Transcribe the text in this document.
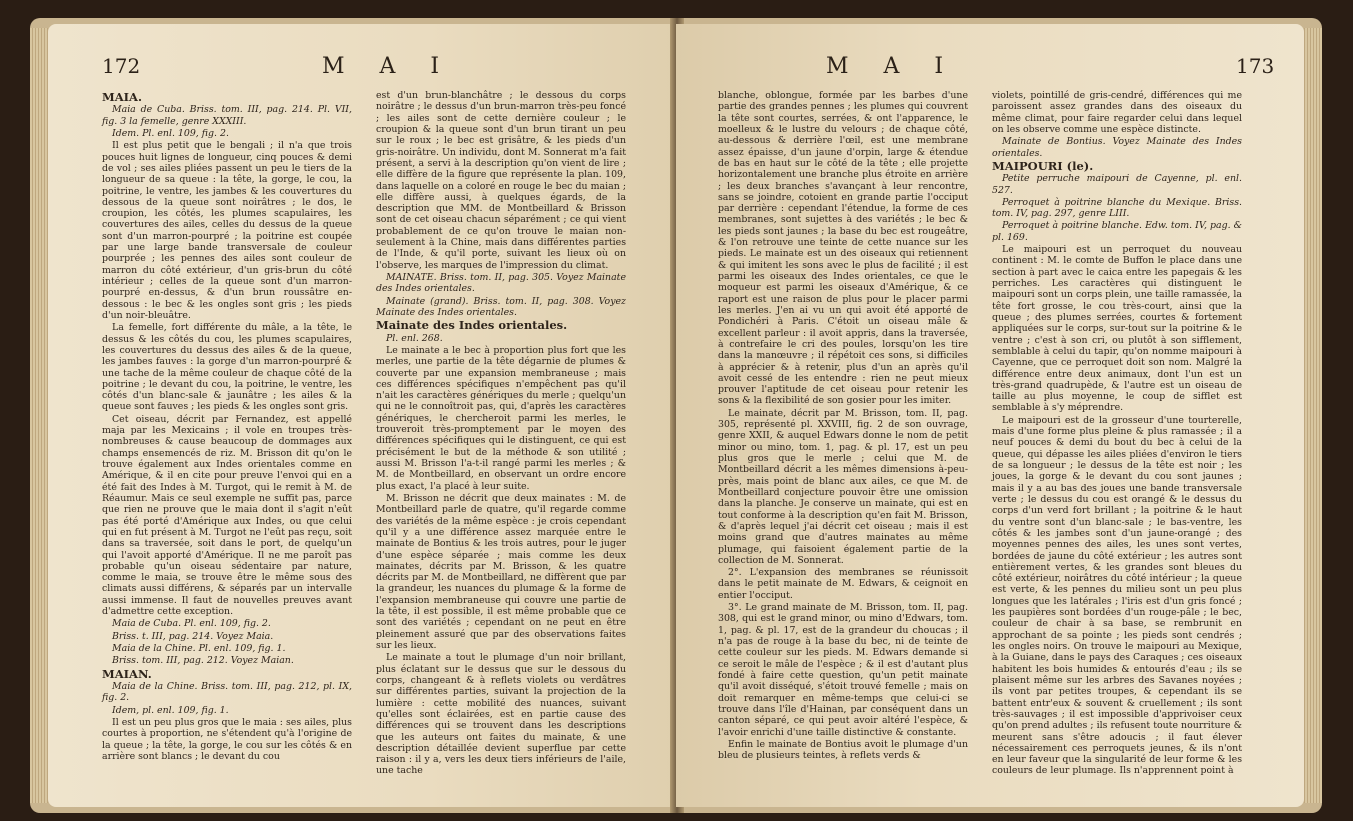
172	M A I

MAIA.

Maia de Cuba. Briss. tom. III, pag. 214. Pl. VII, fig. 3 la femelle, genre XXXIII.

Idem. Pl. enl. 109, fig. 2.

Il est plus petit que le bengali ; il n'a que trois pouces huit lignes de longueur, cinq pouces & demi de vol ; ses ailes pliées passent un peu le tiers de la longueur de sa queue : la tête, la gorge, le cou, la poitrine, le ventre, les jambes & les couvertures du dessous de la queue sont noirâtres ; le dos, le croupion, les côtés, les plumes scapulaires, les couvertures des ailes, celles du dessus de la queue sont d'un marron-pourpré ; la poitrine est coupée par une large bande transversale de couleur pourprée ; les pennes des ailes sont couleur de marron du côté extérieur, d'un gris-brun du côté intérieur ; celles de la queue sont d'un marron-pourpré en-dessus, & d'un brun roussâtre en-dessous : le bec & les ongles sont gris ; les pieds d'un noir-bleuâtre.

La femelle, fort différente du mâle, a la tête, le dessus & les côtés du cou, les plumes scapulaires, les couvertures du dessus des ailes & de la queue, les jambes fauves : la gorge d'un marron-pourpré & une tache de la même couleur de chaque côté de la poitrine ; le devant du cou, la poitrine, le ventre, les côtés d'un blanc-sale & jaunâtre ; les ailes & la queue sont fauves ; les pieds & les ongles sont gris.

Cet oiseau, décrit par Fernandez, est appellé maja par les Mexicains ; il vole en troupes très-nombreuses & cause beaucoup de dommages aux champs ensemencés de riz. M. Brisson dit qu'on le trouve également aux Indes orientales comme en Amérique, & il en cite pour preuve l'envoi qui en a été fait des Indes à M. Turgot, qui le remit à M. de Réaumur. Mais ce seul exemple ne suffit pas, parce que rien ne prouve que le maia dont il s'agit n'eût pas été porté d'Amérique aux Indes, ou que celui qui en fut présent à M. Turgot ne l'eût pas reçu, soit dans sa traversée, soit dans le port, de quelqu'un qui l'avoit apporté d'Amérique. Il ne me paroît pas probable qu'un oiseau sédentaire par nature, comme le maia, se trouve être le même sous des climats aussi différens, & séparés par un intervalle aussi immense. Il faut de nouvelles preuves avant d'admettre cette exception.

Maia de Cuba. Pl. enl. 109, fig. 2.

Briss. t. III, pag. 214. Voyez Maia.

Maia de la Chine. Pl. enl. 109, fig. 1.

Briss. tom. III, pag. 212. Voyez Maian.

MAIAN.

Maia de la Chine. Briss. tom. III, pag. 212, pl. IX, fig. 2.

Idem, pl. enl. 109, fig. 1.

Il est un peu plus gros que le maia : ses ailes, plus courtes à proportion, ne s'étendent qu'à l'origine de la queue ; la tête, la gorge, le cou sur les côtés & en arrière sont blancs ; le devant du cou

est d'un brun-blanchâtre ; le dessous du corps noirâtre ; le dessus d'un brun-marron très-peu foncé ; les ailes sont de cette dernière couleur ; le croupion & la queue sont d'un brun tirant un peu sur le roux ; le bec est grisâtre, & les pieds d'un gris-noirâtre. Un individu, dont M. Sonnerat m'a fait présent, a servi à la description qu'on vient de lire ; elle diffère de la figure que représente la plan. 109, dans laquelle on a coloré en rouge le bec du maian ; elle diffère aussi, à quelques égards, de la description que MM. de Montbeillard & Brisson sont de cet oiseau chacun séparément ; ce qui vient probablement de ce qu'on trouve le maian non-seulement à la Chine, mais dans différentes parties de l'Inde, & qu'il porte, suivant les lieux où on l'observe, les marques de l'impression du climat.

MAINATE. Briss. tom. II, pag. 305. Voyez Mainate des Indes orientales.

Mainate (grand). Briss. tom. II, pag. 308. Voyez Mainate des Indes orientales.

Mainate des Indes orientales.

Pl. enl. 268.

Le mainate a le bec à proportion plus fort que les merles, une partie de la tête dégarnie de plumes & couverte par une expansion membraneuse ; mais ces différences spécifiques n'empêchent pas qu'il n'ait les caractères génériques du merle ; quelqu'un qui ne le connoîtroit pas, qui, d'après les caractères génériques, le chercheroit parmi les merles, le trouveroit très-promptement par le moyen des différences spécifiques qui le distinguent, ce qui est précisément le but de la méthode & son utilité ; aussi M. Brisson l'a-t-il rangé parmi les merles ; & M. de Montbeillard, en observant un ordre encore plus exact, l'a placé à leur suite.

M. Brisson ne décrit que deux mainates : M. de Montbeillard parle de quatre, qu'il regarde comme des variétés de la même espèce : je crois cependant qu'il y a une différence assez marquée entre le mainate de Bontius & les trois autres, pour le juger d'une espèce séparée ; mais comme les deux mainates, décrits par M. Brisson, & les quatre décrits par M. de Montbeillard, ne diffèrent que par la grandeur, les nuances du plumage & la forme de l'expansion membraneuse qui couvre une partie de la tête, il est possible, il est même probable que ce sont des variétés ; cependant on ne peut en être pleinement assuré que par des observations faites sur les lieux.

Le mainate a tout le plumage d'un noir brillant, plus éclatant sur le dessus que sur le dessous du corps, changeant & à reflets violets ou verdâtres sur différentes parties, suivant la projection de la lumière : cette mobilité des nuances, suivant qu'elles sont éclairées, est en partie cause des différences qui se trouvent dans les descriptions que les auteurs ont faites du mainate, & une description détaillée devient superflue par cette raison : il y a, vers les deux tiers inférieurs de l'aile, une tache

M A I	173

blanche, oblongue, formée par les barbes d'une partie des grandes pennes ; les plumes qui couvrent la tête sont courtes, serrées, & ont l'apparence, le moelleux & le lustre du velours ; de chaque côté, au-dessous & derrière l'œil, est une membrane assez épaisse, d'un jaune d'orpin, large & étendue de bas en haut sur le côté de la tête ; elle projette horizontalement une branche plus étroite en arrière ; les deux branches s'avançant à leur rencontre, sans se joindre, cotoient en grande partie l'occiput par derrière : cependant l'étendue, la forme de ces membranes, sont sujettes à des variétés ; le bec & les pieds sont jaunes ; la base du bec est rougeâtre, & l'on retrouve une teinte de cette nuance sur les pieds. Le mainate est un des oiseaux qui retiennent & qui imitent les sons avec le plus de facilité ; il est parmi les oiseaux des Indes orientales, ce que le moqueur est parmi les oiseaux d'Amérique, & ce raport est une raison de plus pour le placer parmi les merles. J'en ai vu un qui avoit été apporté de Pondichéri à Paris. C'étoit un oiseau mâle & excellent parleur : il avoit appris, dans la traversée, à contrefaire le cri des poules, lorsqu'on les tire dans la manœuvre ; il répétoit ces sons, si difficiles à apprécier & à retenir, plus d'un an après qu'il avoit cessé de les entendre : rien ne peut mieux prouver l'aptitude de cet oiseau pour retenir les sons & la flexibilité de son gosier pour les imiter.

Le mainate, décrit par M. Brisson, tom. II, pag. 305, représenté pl. XXVIII, fig. 2 de son ouvrage, genre XXII, & auquel Edwars donne le nom de petit minor ou mino, tom. 1, pag. & pl. 17, est un peu plus gros que le merle ; celui que M. de Montbeillard décrit a les mêmes dimensions à-peu-près, mais point de blanc aux ailes, ce que M. de Montbeillard conjecture pouvoir être une omission dans la planche. Je conserve un mainate, qui est en tout conforme à la description qu'en fait M. Brisson, & d'après lequel j'ai décrit cet oiseau ; mais il est moins grand que d'autres mainates au même plumage, qui faisoient également partie de la collection de M. Sonnerat.

2°. L'expansion des membranes se réunissoit dans le petit mainate de M. Edwars, & ceignoit en entier l'occiput.

3°. Le grand mainate de M. Brisson, tom. II, pag. 308, qui est le grand minor, ou mino d'Edwars, tom. 1, pag. & pl. 17, est de la grandeur du choucas ; il n'a pas de rouge à la base du bec, ni de teinte de cette couleur sur les pieds. M. Edwars demande si ce seroit le mâle de l'espèce ; & il est d'autant plus fondé à faire cette question, qu'un petit mainate qu'il avoit disséqué, s'étoit trouvé femelle ; mais on doit remarquer en même-temps que celui-ci se trouve dans l'île d'Hainan, par conséquent dans un canton séparé, ce qui peut avoir altéré l'espèce, & l'avoir enrichi d'une taille distinctive & constante.

Enfin le mainate de Bontius avoit le plumage d'un bleu de plusieurs teintes, à reflets verds &

violets, pointillé de gris-cendré, différences qui me paroissent assez grandes dans des oiseaux du même climat, pour faire regarder celui dans lequel on les observe comme une espèce distincte.

Mainate de Bontius. Voyez Mainate des Indes orientales.

MAIPOURI (le).

Petite perruche maipouri de Cayenne, pl. enl. 527.

Perroquet à poitrine blanche du Mexique. Briss. tom. IV, pag. 297, genre LIII.

Perroquet à poitrine blanche. Edw. tom. IV, pag. & pl. 169.

Le maipouri est un perroquet du nouveau continent : M. le comte de Buffon le place dans une section à part avec le caica entre les papegais & les perriches. Les caractères qui distinguent le maipouri sont un corps plein, une taille ramassée, la tête fort grosse, le cou très-court, ainsi que la queue ; des plumes serrées, courtes & fortement appliquées sur le corps, sur-tout sur la poitrine & le ventre ; c'est à son cri, ou plutôt à son sifflement, semblable à celui du tapir, qu'on nomme maipouri à Cayenne, que ce perroquet doit son nom. Malgré la différence entre deux animaux, dont l'un est un très-grand quadrupède, & l'autre est un oiseau de taille au plus moyenne, le coup de sifflet est semblable à s'y méprendre.

Le maipouri est de la grosseur d'une tourterelle, mais d'une forme plus pleine & plus ramassée ; il a neuf pouces & demi du bout du bec à celui de la queue, qui dépasse les ailes pliées d'environ le tiers de sa longueur ; le dessus de la tête est noir ; les joues, la gorge & le devant du cou sont jaunes ; mais il y a au bas des joues une bande transversale verte ; le dessus du cou est orangé & le dessus du corps d'un verd fort brillant ; la poitrine & le haut du ventre sont d'un blanc-sale ; le bas-ventre, les côtés & les jambes sont d'un jaune-orangé ; des moyennes pennes des ailes, les unes sont vertes, bordées de jaune du côté extérieur ; les autres sont entièrement vertes, & les grandes sont bleues du côté extérieur, noirâtres du côté intérieur ; la queue est verte, & les pennes du milieu sont un peu plus longues que les latérales ; l'iris est d'un gris foncé ; les paupières sont bordées d'un rouge-pâle ; le bec, couleur de chair à sa base, se rembrunit en approchant de sa pointe ; les pieds sont cendrés ; les ongles noirs. On trouve le maipouri au Mexique, à la Guiane, dans le pays des Caraques ; ces oiseaux habitent les bois humides & entourés d'eau ; ils se plaisent même sur les arbres des Savanes noyées ; ils vont par petites troupes, & cependant ils se battent entr'eux & souvent & cruellement ; ils sont très-sauvages ; il est impossible d'apprivoiser ceux qu'on prend adultes ; ils refusent toute nourriture & meurent sans s'être adoucis ; il faut élever nécessairement ces perroquets jeunes, & ils n'ont en leur faveur que la singularité de leur forme & les couleurs de leur plumage. Ils n'apprennent point à
